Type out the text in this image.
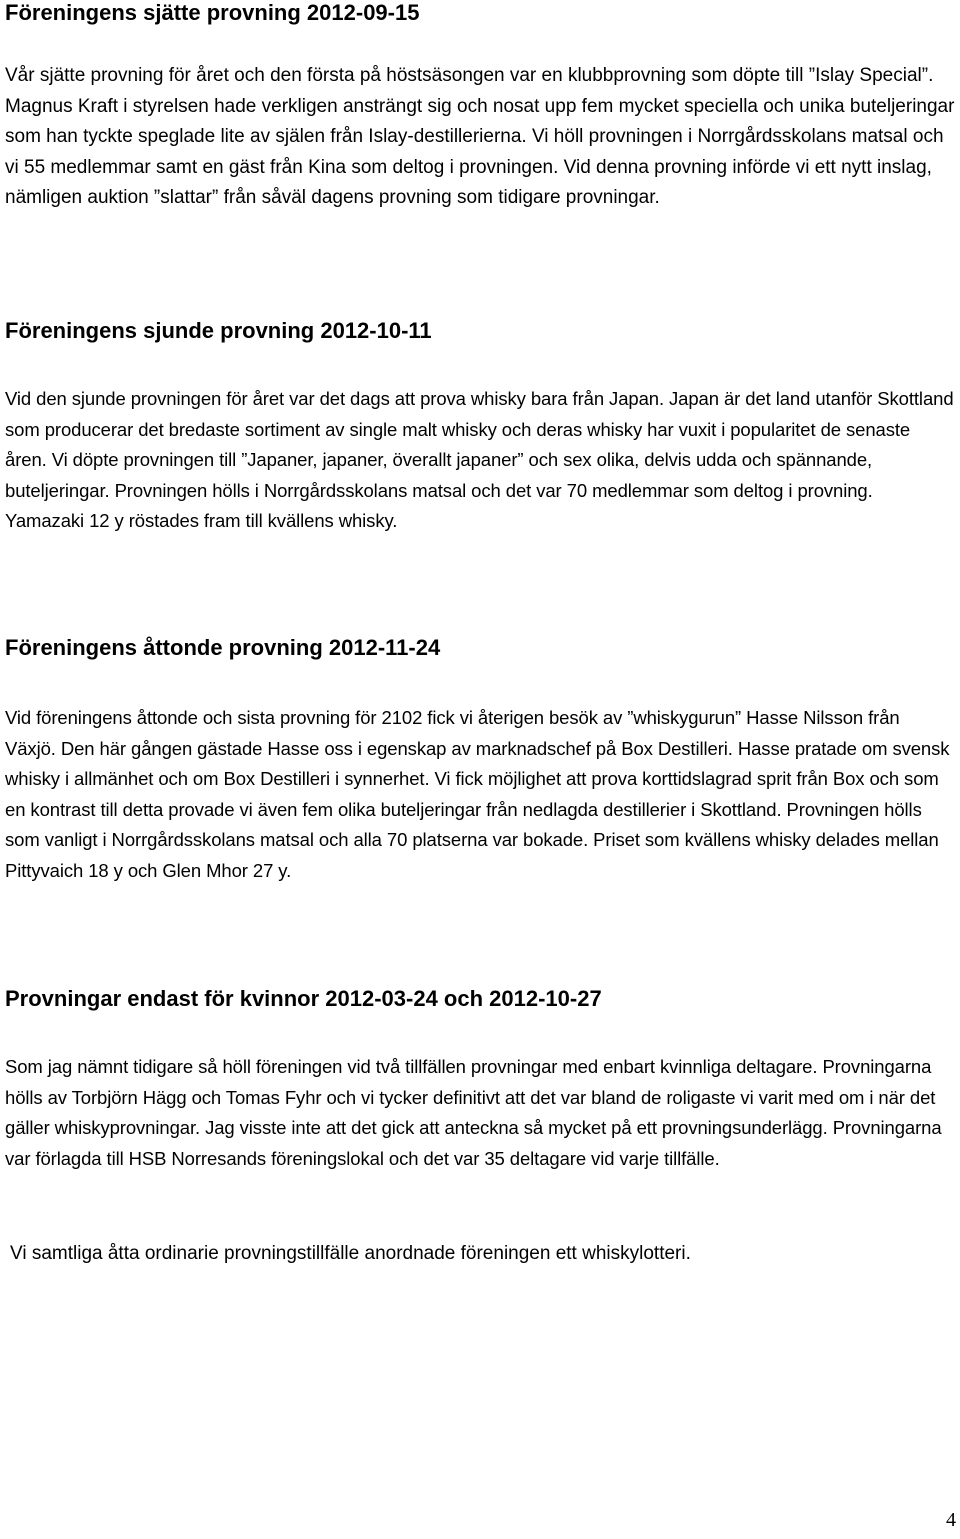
Föreningens sjätte provning 2012-09-15

Vår sjätte provning för året och den första på höstsäsongen var en klubbprovning som döpte till ”Islay Special”. Magnus Kraft i styrelsen hade verkligen ansträngt sig och nosat upp fem mycket speciella och unika buteljeringar som han tyckte speglade lite av själen från Islay-destillerierna. Vi höll provningen i Norrgårdsskolans matsal och vi 55 medlemmar samt en gäst från Kina som deltog i provningen. Vid denna provning införde vi ett nytt inslag, nämligen auktion ”slattar” från såväl dagens provning som tidigare provningar.

Föreningens sjunde provning 2012-10-11

Vid den sjunde provningen för året var det dags att prova whisky bara från Japan. Japan är det land utanför Skottland som producerar det bredaste sortiment av single malt whisky och deras whisky har vuxit i popularitet de senaste åren. Vi döpte provningen till ”Japaner, japaner, överallt japaner” och sex olika, delvis udda och spännande, buteljeringar. Provningen hölls i Norrgårdsskolans matsal och det var 70 medlemmar som deltog i provning. Yamazaki 12 y röstades fram till kvällens whisky.

Föreningens åttonde provning 2012-11-24

Vid föreningens åttonde och sista provning för 2102 fick vi återigen besök av ”whiskygurun” Hasse Nilsson från Växjö. Den här gången gästade Hasse oss i egenskap av marknadschef på Box Destilleri. Hasse pratade om svensk whisky i allmänhet och om Box Destilleri i synnerhet. Vi fick möjlighet att prova korttidslagrad sprit från Box och som en kontrast till detta provade vi även fem olika buteljeringar från nedlagda destillerier i Skottland. Provningen hölls som vanligt i Norrgårdsskolans matsal och alla 70 platserna var bokade. Priset som kvällens whisky delades mellan Pittyvaich 18 y och Glen Mhor 27 y.

Provningar endast för kvinnor 2012-03-24 och 2012-10-27

Som jag nämnt tidigare så höll föreningen vid två tillfällen provningar med enbart kvinnliga deltagare. Provningarna hölls av Torbjörn Hägg och Tomas Fyhr och vi tycker definitivt att det var bland de roligaste vi varit med om i när det gäller whiskyprovningar. Jag visste inte att det gick att anteckna så mycket på ett provningsunderlägg. Provningarna var förlagda till HSB Norresands föreningslokal och det var 35 deltagare vid varje tillfälle.

Vi samtliga åtta ordinarie provningstillfälle anordnade föreningen ett whiskylotteri.

4
